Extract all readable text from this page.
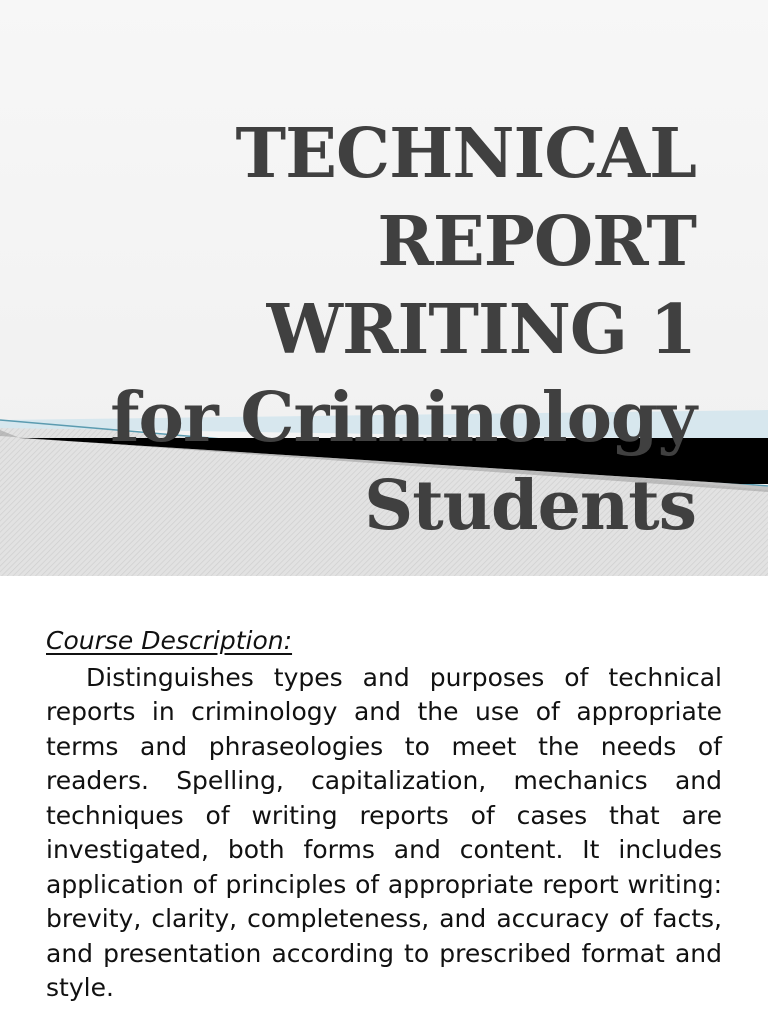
TECHNICAL
REPORT
WRITING 1
for Criminology
Students
Course Description:

Distinguishes types and purposes of technical reports in criminology and the use of appropriate terms and phraseologies to meet the needs of readers. Spelling, capitalization, mechanics and techniques of writing reports of cases that are investigated, both forms and content. It includes application of principles of appropriate report writing: brevity, clarity, completeness, and accuracy of facts, and presentation according to prescribed format and style.
